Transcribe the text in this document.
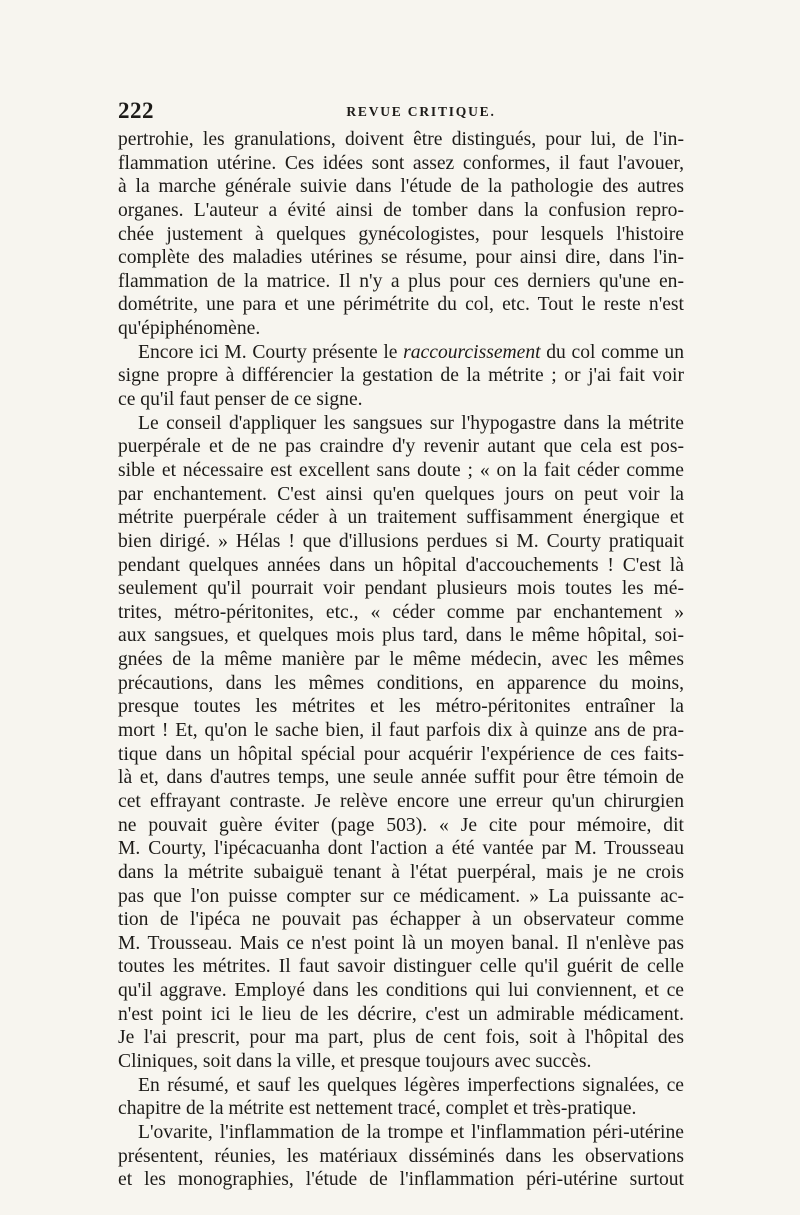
222	REVUE CRITIQUE.
pertrohie, les granulations, doivent être distingués, pour lui, de l'in-
flammation utérine. Ces idées sont assez conformes, il faut l'avouer,
à la marche générale suivie dans l'étude de la pathologie des autres
organes. L'auteur a évité ainsi de tomber dans la confusion repro-
chée justement à quelques gynécologistes, pour lesquels l'histoire
complète des maladies utérines se résume, pour ainsi dire, dans l'in-
flammation de la matrice. Il n'y a plus pour ces derniers qu'une en-
dométrite, une para et une périmétrite du col, etc. Tout le reste n'est
qu'épiphénomène.
Encore ici M. Courty présente le raccourcissement du col comme un
signe propre à différencier la gestation de la métrite ; or j'ai fait voir
ce qu'il faut penser de ce signe.
Le conseil d'appliquer les sangsues sur l'hypogastre dans la métrite
puerpérale et de ne pas craindre d'y revenir autant que cela est pos-
sible et nécessaire est excellent sans doute ; « on la fait céder comme
par enchantement. C'est ainsi qu'en quelques jours on peut voir la
métrite puerpérale céder à un traitement suffisamment énergique et
bien dirigé. » Hélas ! que d'illusions perdues si M. Courty pratiquait
pendant quelques années dans un hôpital d'accouchements ! C'est là
seulement qu'il pourrait voir pendant plusieurs mois toutes les mé-
trites, métro-péritonites, etc., « céder comme par enchantement »
aux sangsues, et quelques mois plus tard, dans le même hôpital, soi-
gnées de la même manière par le même médecin, avec les mêmes
précautions, dans les mêmes conditions, en apparence du moins,
presque toutes les métrites et les métro-péritonites entraîner la
mort ! Et, qu'on le sache bien, il faut parfois dix à quinze ans de pra-
tique dans un hôpital spécial pour acquérir l'expérience de ces faits-
là et, dans d'autres temps, une seule année suffit pour être témoin de
cet effrayant contraste. Je relève encore une erreur qu'un chirurgien
ne pouvait guère éviter (page 503). « Je cite pour mémoire, dit
M. Courty, l'ipécacuanha dont l'action a été vantée par M. Trousseau
dans la métrite subaiguë tenant à l'état puerpéral, mais je ne crois
pas que l'on puisse compter sur ce médicament. » La puissante ac-
tion de l'ipéca ne pouvait pas échapper à un observateur comme
M. Trousseau. Mais ce n'est point là un moyen banal. Il n'enlève pas
toutes les métrites. Il faut savoir distinguer celle qu'il guérit de celle
qu'il aggrave. Employé dans les conditions qui lui conviennent, et ce
n'est point ici le lieu de les décrire, c'est un admirable médicament.
Je l'ai prescrit, pour ma part, plus de cent fois, soit à l'hôpital des
Cliniques, soit dans la ville, et presque toujours avec succès.
En résumé, et sauf les quelques légères imperfections signalées, ce
chapitre de la métrite est nettement tracé, complet et très-pratique.
L'ovarite, l'inflammation de la trompe et l'inflammation péri-utérine
présentent, réunies, les matériaux disséminés dans les observations
et les monographies, l'étude de l'inflammation péri-utérine surtout
